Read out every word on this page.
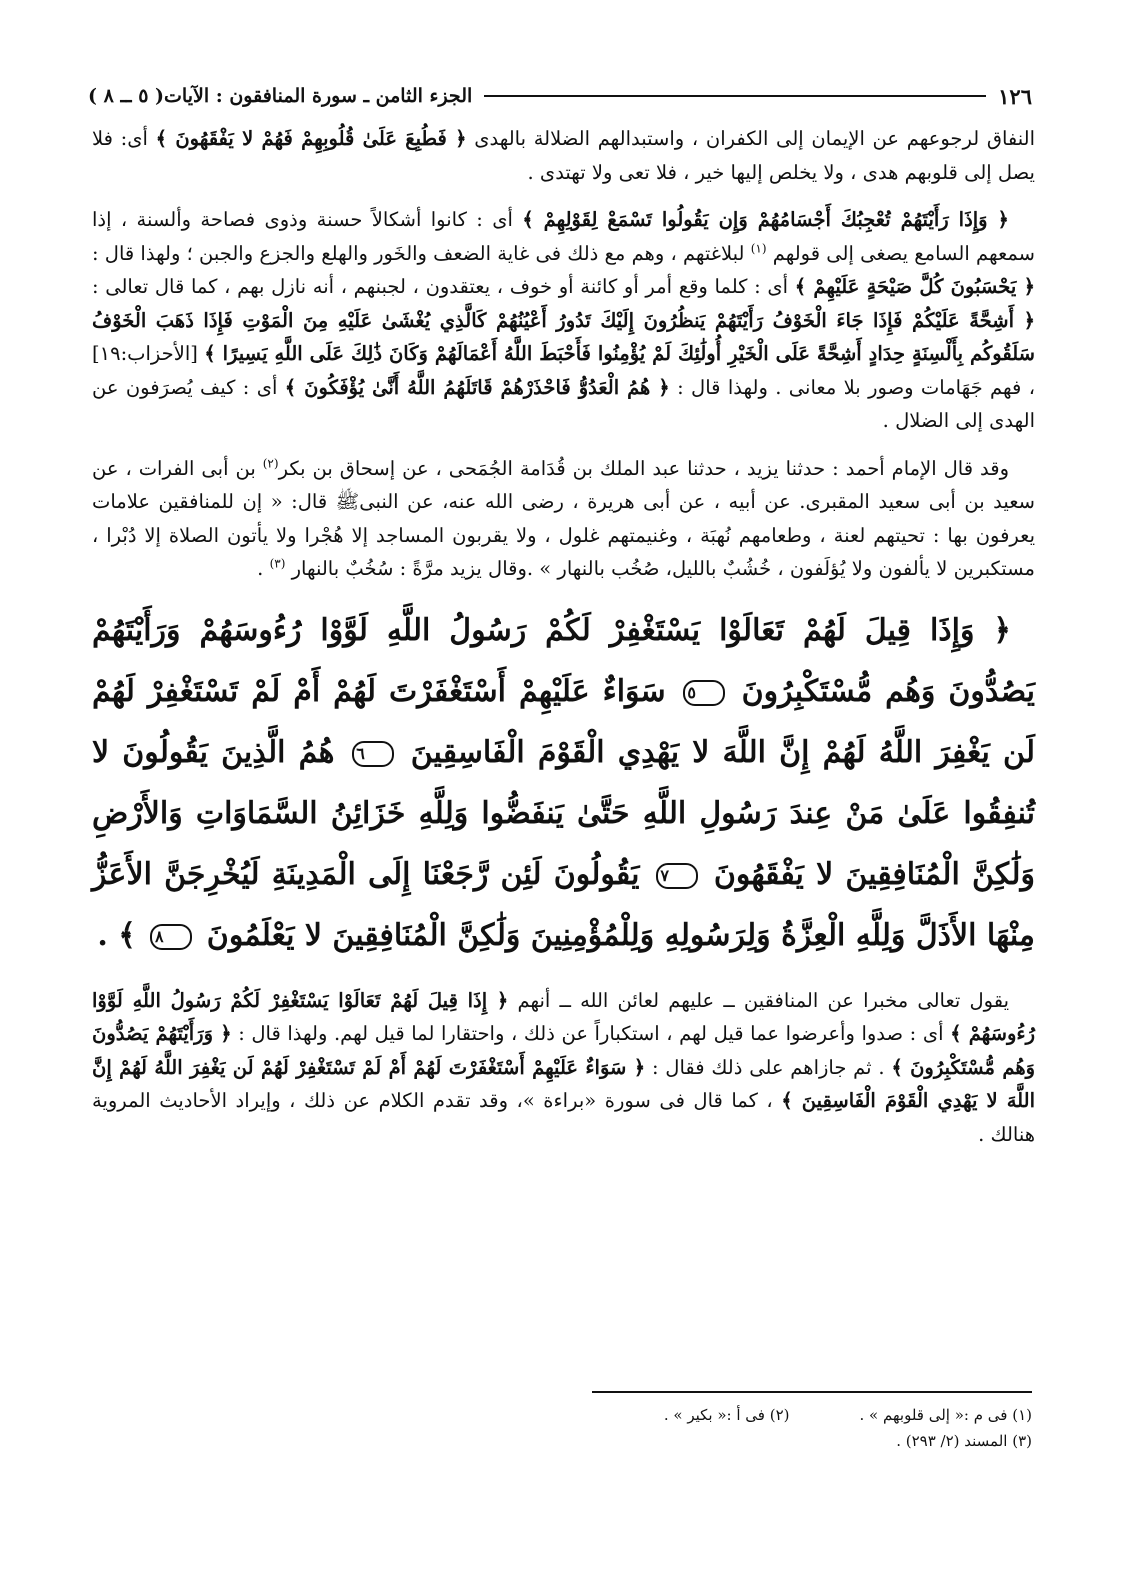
١٢٦
الجزء الثامن ـ سورة المنافقون : الآيات( ٥ ــ ٨ )

النفاق لرجوعهم عن الإيمان إلى الكفران ، واستبدالهم الضلالة بالهدى ﴿ فَطُبِعَ عَلَىٰ قُلُوبِهِمْ فَهُمْ لا يَفْقَهُونَ ﴾ أى: فلا يصل إلى قلوبهم هدى ، ولا يخلص إليها خير ، فلا تعى ولا تهتدى .

﴿ وَإِذَا رَأَيْتَهُمْ تُعْجِبُكَ أَجْسَامُهُمْ وَإِن يَقُولُوا تَسْمَعْ لِقَوْلِهِمْ ﴾ أى : كانوا أشكالاً حسنة وذوى فصاحة وألسنة ، إذا سمعهم السامع يصغى إلى قولهم $^{(١)}$ لبلاغتهم ، وهم مع ذلك فى غاية الضعف والخَور والهلع والجزع والجبن ؛ ولهذا قال : ﴿ يَحْسَبُونَ كُلَّ صَيْحَةٍ عَلَيْهِمْ ﴾ أى : كلما وقع أمر أو كائنة أو خوف ، يعتقدون ، لجبنهم ، أنه نازل بهم ، كما قال تعالى : ﴿ أَشِحَّةً عَلَيْكُمْ فَإِذَا جَاءَ الْخَوْفُ رَأَيْتَهُمْ يَنظُرُونَ إِلَيْكَ تَدُورُ أَعْيُنُهُمْ كَالَّذِي يُغْشَىٰ عَلَيْهِ مِنَ الْمَوْتِ فَإِذَا ذَهَبَ الْخَوْفُ سَلَقُوكُم بِأَلْسِنَةٍ حِدَادٍ أَشِحَّةً عَلَى الْخَيْرِ أُولَٰئِكَ لَمْ يُؤْمِنُوا فَأَحْبَطَ اللَّهُ أَعْمَالَهُمْ وَكَانَ ذَٰلِكَ عَلَى اللَّهِ يَسِيرًا ﴾ [الأحزاب:١٩] ، فهم جَهَامات وصور بلا معانى . ولهذا قال : ﴿ هُمُ الْعَدُوُّ فَاحْذَرْهُمْ قَاتَلَهُمُ اللَّهُ أَنَّىٰ يُؤْفَكُونَ ﴾ أى : كيف يُصرَفون عن الهدى إلى الضلال .

وقد قال الإمام أحمد : حدثنا يزيد ، حدثنا عبد الملك بن قُدَامة الجُمَحى ، عن إسحاق بن بكر$^{(٢)}$ بن أبى الفرات ، عن سعيد بن أبى سعيد المقبرى. عن أبيه ، عن أبى هريرة ، رضى الله عنه، عن النبىﷺ قال: « إن للمنافقين علامات يعرفون بها : تحيتهم لعنة ، وطعامهم نُهبَة ، وغنيمتهم غلول ، ولا يقربون المساجد إلا هُجْرا ولا يأتون الصلاة إلا دُبْرا ، مستكبرين لا يألفون ولا يُؤلَفون ، خُشُبٌ بالليل، صُخُب بالنهار » .وقال يزيد مرَّةً : سُخُبٌ بالنهار $^{(٣)}$ .

﴿ وَإِذَا قِيلَ لَهُمْ تَعَالَوْا يَسْتَغْفِرْ لَكُمْ رَسُولُ اللَّهِ لَوَّوْا رُءُوسَهُمْ وَرَأَيْتَهُمْ يَصُدُّونَ وَهُم مُّسْتَكْبِرُونَ ٥ سَوَاءٌ عَلَيْهِمْ أَسْتَغْفَرْتَ لَهُمْ أَمْ لَمْ تَسْتَغْفِرْ لَهُمْ لَن يَغْفِرَ اللَّهُ لَهُمْ إِنَّ اللَّهَ لا يَهْدِي الْقَوْمَ الْفَاسِقِينَ ٦ هُمُ الَّذِينَ يَقُولُونَ لا تُنفِقُوا عَلَىٰ مَنْ عِندَ رَسُولِ اللَّهِ حَتَّىٰ يَنفَضُّوا وَلِلَّهِ خَزَائِنُ السَّمَاوَاتِ وَالأَرْضِ وَلَٰكِنَّ الْمُنَافِقِينَ لا يَفْقَهُونَ ٧ يَقُولُونَ لَئِن رَّجَعْنَا إِلَى الْمَدِينَةِ لَيُخْرِجَنَّ الأَعَزُّ مِنْهَا الأَذَلَّ وَلِلَّهِ الْعِزَّةُ وَلِرَسُولِهِ وَلِلْمُؤْمِنِينَ وَلَٰكِنَّ الْمُنَافِقِينَ لا يَعْلَمُونَ ٨ ﴾ .

يقول تعالى مخبرا عن المنافقين ــ عليهم لعائن الله ــ أنهم ﴿ إِذَا قِيلَ لَهُمْ تَعَالَوْا يَسْتَغْفِرْ لَكُمْ رَسُولُ اللَّهِ لَوَّوْا رُءُوسَهُمْ ﴾ أى : صدوا وأعرضوا عما قيل لهم ، استكباراً عن ذلك ، واحتقارا لما قيل لهم. ولهذا قال : ﴿ وَرَأَيْتَهُمْ يَصُدُّونَ وَهُم مُّسْتَكْبِرُونَ ﴾ . ثم جازاهم على ذلك فقال : ﴿ سَوَاءٌ عَلَيْهِمْ أَسْتَغْفَرْتَ لَهُمْ أَمْ لَمْ تَسْتَغْفِرْ لَهُمْ لَن يَغْفِرَ اللَّهُ لَهُمْ إِنَّ اللَّهَ لا يَهْدِي الْقَوْمَ الْفَاسِقِينَ ﴾ ، كما قال فى سورة «براءة »، وقد تقدم الكلام عن ذلك ، وإيراد الأحاديث المروية هنالك .

(١) فى م :« إلى قلوبهم » .
(٢) فى أ :« بكير » .
(٣) المسند (٢/ ٢٩٣) .
